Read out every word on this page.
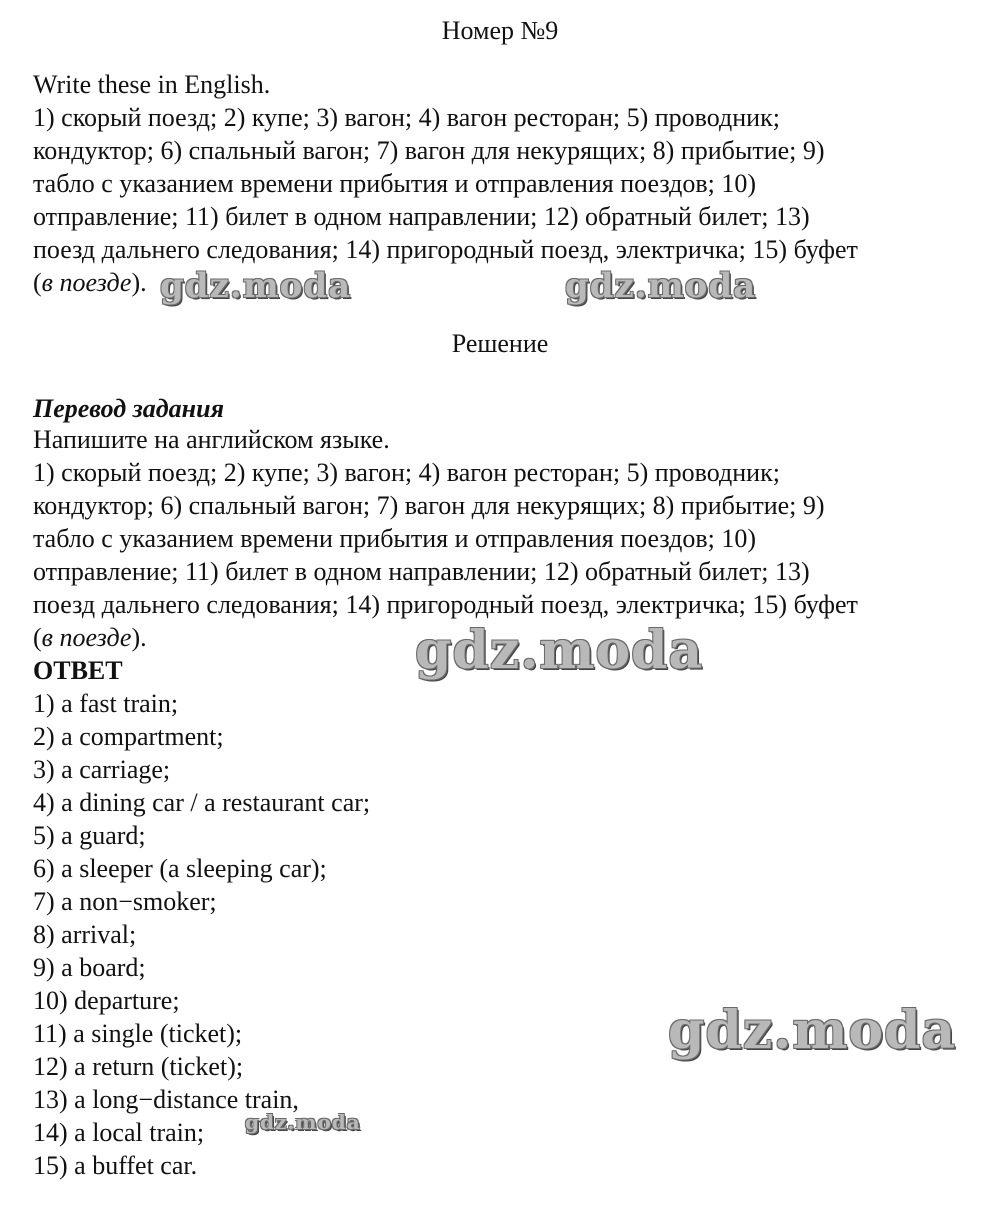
Номер №9
Write these in English.
1) скорый поезд; 2) купе; 3) вагон; 4) вагон ресторан; 5) проводник;
кондуктор; 6) спальный вагон; 7) вагон для некурящих; 8) прибытие; 9)
табло с указанием времени прибытия и отправления поездов; 10)
отправление; 11) билет в одном направлении; 12) обратный билет; 13)
поезд дальнего следования; 14) пригородный поезд, электричка; 15) буфет
(в поезде). gdz.moda	gdz.moda
Решение
Перевод задания
Напишите на английском языке.
1) скорый поезд; 2) купе; 3) вагон; 4) вагон ресторан; 5) проводник;
кондуктор; 6) спальный вагон; 7) вагон для некурящих; 8) прибытие; 9)
табло с указанием времени прибытия и отправления поездов; 10)
отправление; 11) билет в одном направлении; 12) обратный билет; 13)
поезд дальнего следования; 14) пригородный поезд, электричка; 15) буфет
(в поезде).	gdz.moda
ОТВЕТ
1) a fast train;
2) a compartment;
3) a carriage;
4) a dining car / a restaurant car;
5) a guard;
6) a sleeper (a sleeping car);
7) a non−smoker;
8) arrival;
9) a board;
10) departure;
11) a single (ticket);
12) a return (ticket);
13) a long−distance train,
14) a local train;
15) a buffet car.
gdz.moda
gdz.moda
